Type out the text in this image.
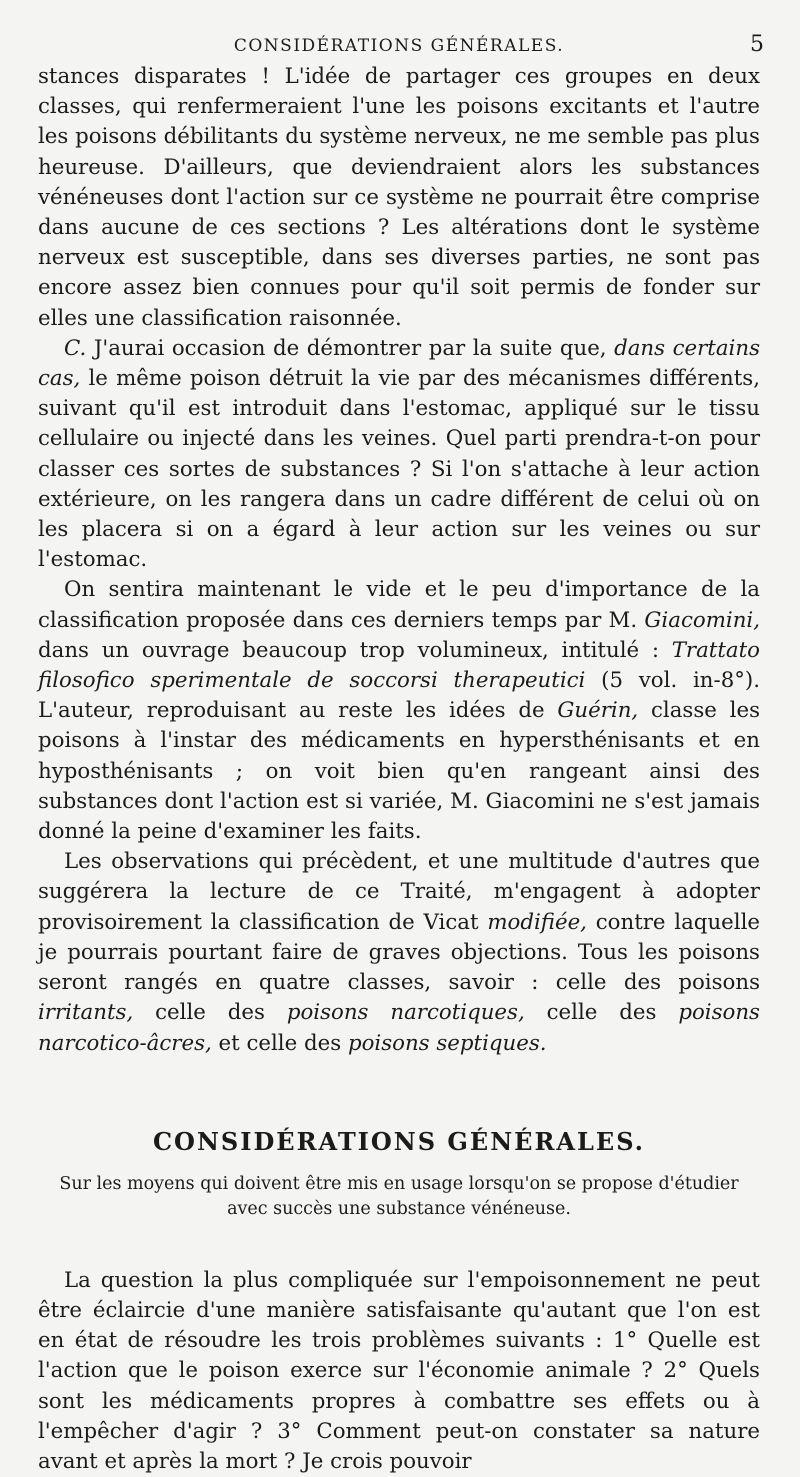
CONSIDÉRATIONS GÉNÉRALES.	5

stances disparates ! L'idée de partager ces groupes en deux classes, qui renfermeraient l'une les poisons excitants et l'autre les poisons débilitants du système nerveux, ne me semble pas plus heureuse. D'ailleurs, que deviendraient alors les substances vénéneuses dont l'action sur ce système ne pourrait être comprise dans aucune de ces sections ? Les altérations dont le système nerveux est susceptible, dans ses diverses parties, ne sont pas encore assez bien connues pour qu'il soit permis de fonder sur elles une classification raisonnée.

C. J'aurai occasion de démontrer par la suite que, dans certains cas, le même poison détruit la vie par des mécanismes différents, suivant qu'il est introduit dans l'estomac, appliqué sur le tissu cellulaire ou injecté dans les veines. Quel parti prendra-t-on pour classer ces sortes de substances ? Si l'on s'attache à leur action extérieure, on les rangera dans un cadre différent de celui où on les placera si on a égard à leur action sur les veines ou sur l'estomac.

On sentira maintenant le vide et le peu d'importance de la classification proposée dans ces derniers temps par M. Giacomini, dans un ouvrage beaucoup trop volumineux, intitulé : Trattato filosofico sperimentale de soccorsi therapeutici (5 vol. in-8°). L'auteur, reproduisant au reste les idées de Guérin, classe les poisons à l'instar des médicaments en hypersthénisants et en hyposthénisants ; on voit bien qu'en rangeant ainsi des substances dont l'action est si variée, M. Giacomini ne s'est jamais donné la peine d'examiner les faits.

Les observations qui précèdent, et une multitude d'autres que suggérera la lecture de ce Traité, m'engagent à adopter provisoirement la classification de Vicat modifiée, contre laquelle je pourrais pourtant faire de graves objections. Tous les poisons seront rangés en quatre classes, savoir : celle des poisons irritants, celle des poisons narcotiques, celle des poisons narcotico-âcres, et celle des poisons septiques.

CONSIDÉRATIONS GÉNÉRALES.
Sur les moyens qui doivent être mis en usage lorsqu'on se propose d'étudier avec succès une substance vénéneuse.

La question la plus compliquée sur l'empoisonnement ne peut être éclaircie d'une manière satisfaisante qu'autant que l'on est en état de résoudre les trois problèmes suivants : 1° Quelle est l'action que le poison exerce sur l'économie animale ? 2° Quels sont les médicaments propres à combattre ses effets ou à l'empêcher d'agir ? 3° Comment peut-on constater sa nature avant et après la mort ? Je crois pouvoir
